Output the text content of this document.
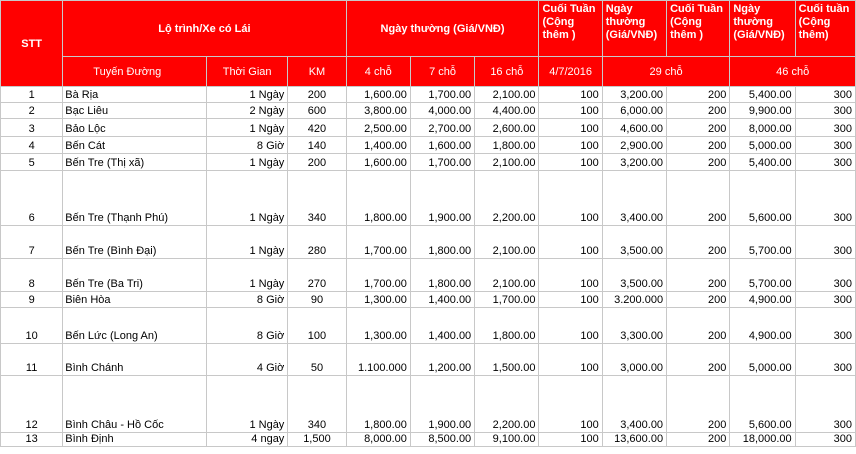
STT	Lộ trình/Xe có Lái			Ngày thường (Giá/VNĐ)			Cuối Tuần (Cộng thêm )	Ngày thường (Giá/VNĐ)	Cuối Tuần (Cộng thêm )	Ngày thường (Giá/VNĐ)	Cuối tuần (Cộng thêm)
	Tuyến Đường	Thời Gian	KM	4 chỗ	7 chỗ	16 chỗ	4/7/2016	29 chỗ		46 chỗ	
1	Bà Rịa	1 Ngày	200	1,600.00	1,700.00	2,100.00	100	3,200.00	200	5,400.00	300
2	Bạc Liêu	2 Ngày	600	3,800.00	4,000.00	4,400.00	100	6,000.00	200	9,900.00	300
3	Bảo Lộc	1 Ngày	420	2,500.00	2,700.00	2,600.00	100	4,600.00	200	8,000.00	300
4	Bến Cát	8 Giờ	140	1,400.00	1,600.00	1,800.00	100	2,900.00	200	5,000.00	300
5	Bến Tre (Thị xã)	1 Ngày	200	1,600.00	1,700.00	2,100.00	100	3,200.00	200	5,400.00	300
6	Bến Tre (Thạnh Phú)	1 Ngày	340	1,800.00	1,900.00	2,200.00	100	3,400.00	200	5,600.00	300
7	Bến Tre (Bình Đại)	1 Ngày	280	1,700.00	1,800.00	2,100.00	100	3,500.00	200	5,700.00	300
8	Bến Tre (Ba Tri)	1 Ngày	270	1,700.00	1,800.00	2,100.00	100	3,500.00	200	5,700.00	300
9	Biên Hòa	8 Giờ	90	1,300.00	1,400.00	1,700.00	100	3.200.000	200	4,900.00	300
10	Bến Lức (Long An)	8 Giờ	100	1,300.00	1,400.00	1,800.00	100	3,300.00	200	4,900.00	300
11	Bình Chánh	4 Giờ	50	1.100.000	1,200.00	1,500.00	100	3,000.00	200	5,000.00	300
12	Bình Châu - Hồ Cốc	1 Ngày	340	1,800.00	1,900.00	2,200.00	100	3,400.00	200	5,600.00	300
13	Bình Định	4 ngay	1,500	8,000.00	8,500.00	9,100.00	100	13,600.00	200	18,000.00	300
